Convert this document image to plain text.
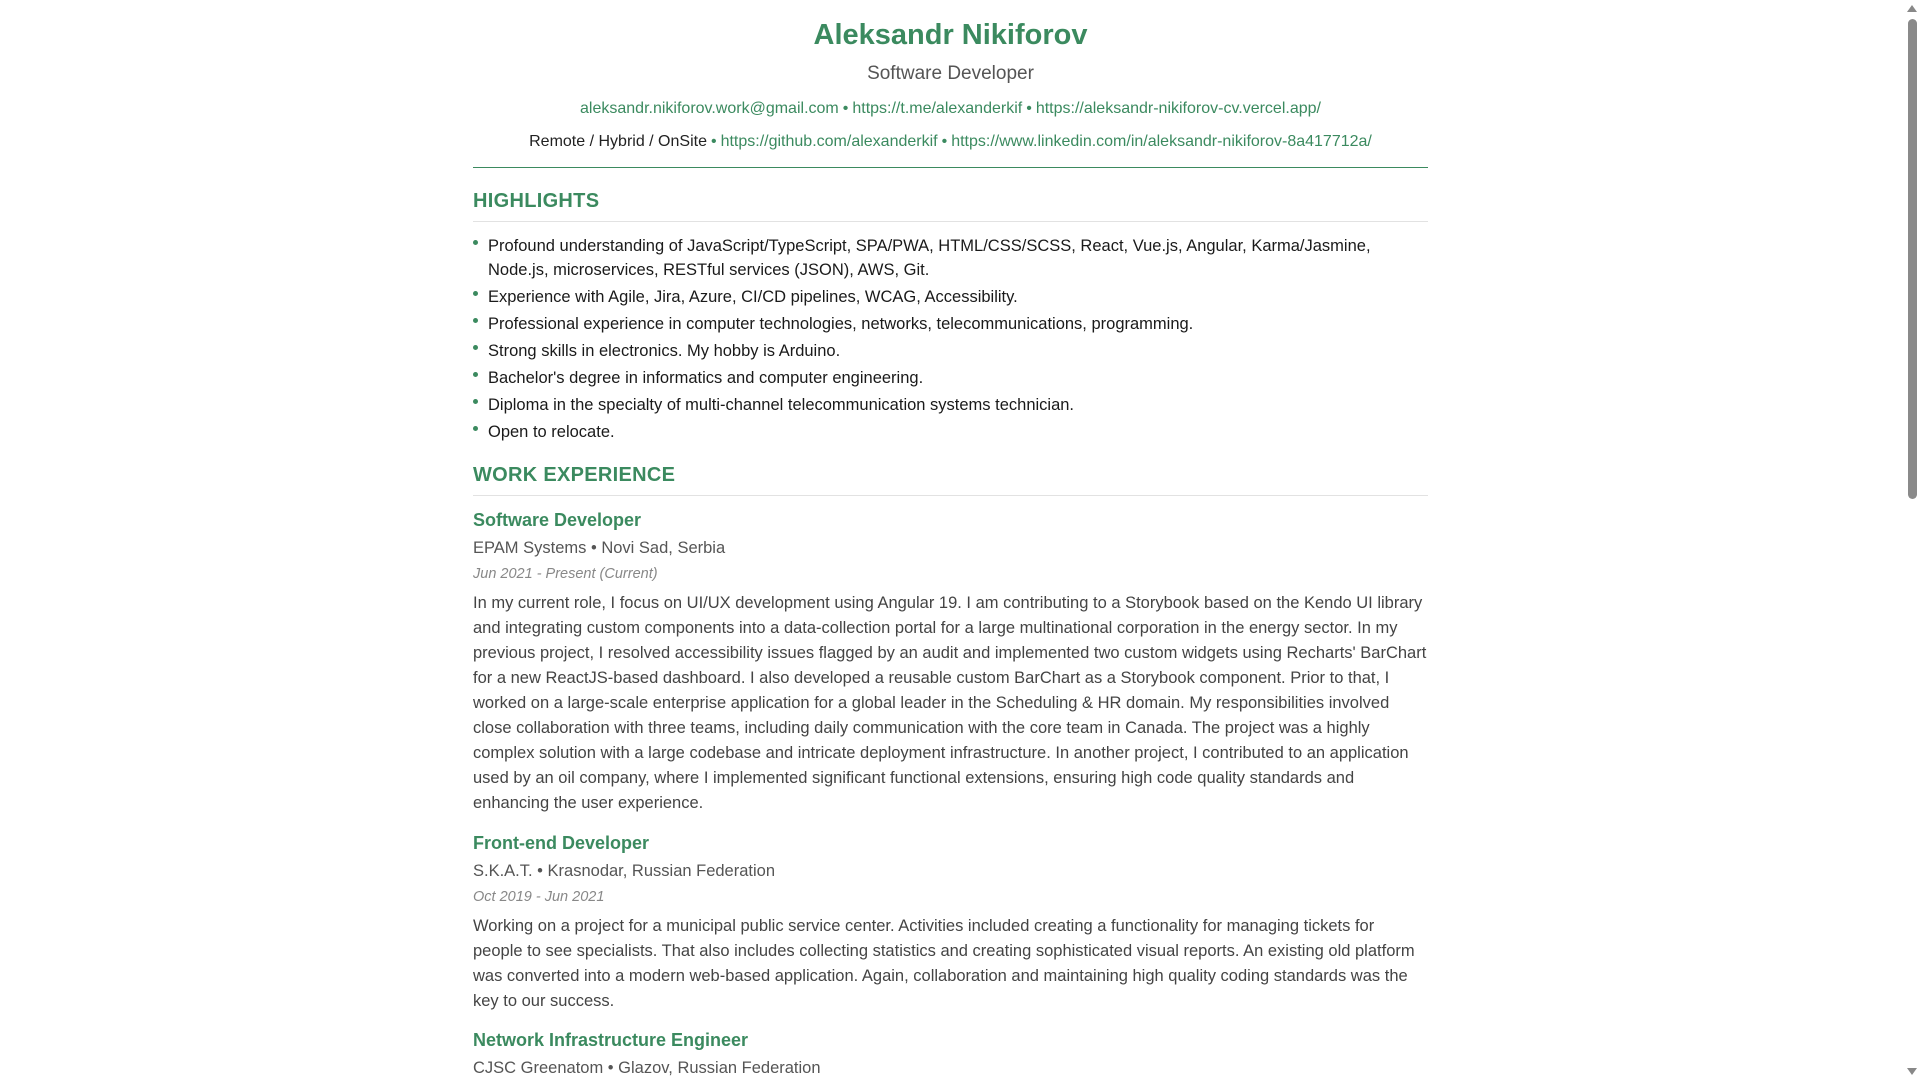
Aleksandr Nikiforov
Software Developer
aleksandr.nikiforov.work@gmail.com • https://t.me/alexanderkif • https://aleksandr-nikiforov-cv.vercel.app/
Remote / Hybrid / OnSite • https://github.com/alexanderkif • https://www.linkedin.com/in/aleksandr-nikiforov-8a417712a/
HIGHLIGHTS
Profound understanding of JavaScript/TypeScript, SPA/PWA, HTML/CSS/SCSS, React, Vue.js, Angular, Karma/Jasmine, Node.js, microservices, RESTful services (JSON), AWS, Git.
Experience with Agile, Jira, Azure, CI/CD pipelines, WCAG, Accessibility.
Professional experience in computer technologies, networks, telecommunications, programming.
Strong skills in electronics. My hobby is Arduino.
Bachelor's degree in informatics and computer engineering.
Diploma in the specialty of multi-channel telecommunication systems technician.
Open to relocate.
WORK EXPERIENCE
Software Developer
EPAM Systems • Novi Sad, Serbia
Jun 2021 - Present (Current)
In my current role, I focus on UI/UX development using Angular 19. I am contributing to a Storybook based on the Kendo UI library and integrating custom components into a data-collection portal for a large multinational corporation in the energy sector. In my previous project, I resolved accessibility issues flagged by an audit and implemented two custom widgets using Recharts' BarChart for a new ReactJS-based dashboard. I also developed a reusable custom BarChart as a Storybook component. Prior to that, I worked on a large-scale enterprise application for a global leader in the Scheduling & HR domain. My responsibilities involved close collaboration with three teams, including daily communication with the core team in Canada. The project was a highly complex solution with a large codebase and intricate deployment infrastructure. In another project, I contributed to an application used by an oil company, where I implemented significant functional extensions, ensuring high code quality standards and enhancing the user experience.
Front-end Developer
S.K.A.T. • Krasnodar, Russian Federation
Oct 2019 - Jun 2021
Working on a project for a municipal public service center. Activities included creating a functionality for managing tickets for people to see specialists. That also includes collecting statistics and creating sophisticated visual reports. An existing old platform was converted into a modern web-based application. Again, collaboration and maintaining high quality coding standards was the key to our success.
Network Infrastructure Engineer
CJSC Greenatom • Glazov, Russian Federation
